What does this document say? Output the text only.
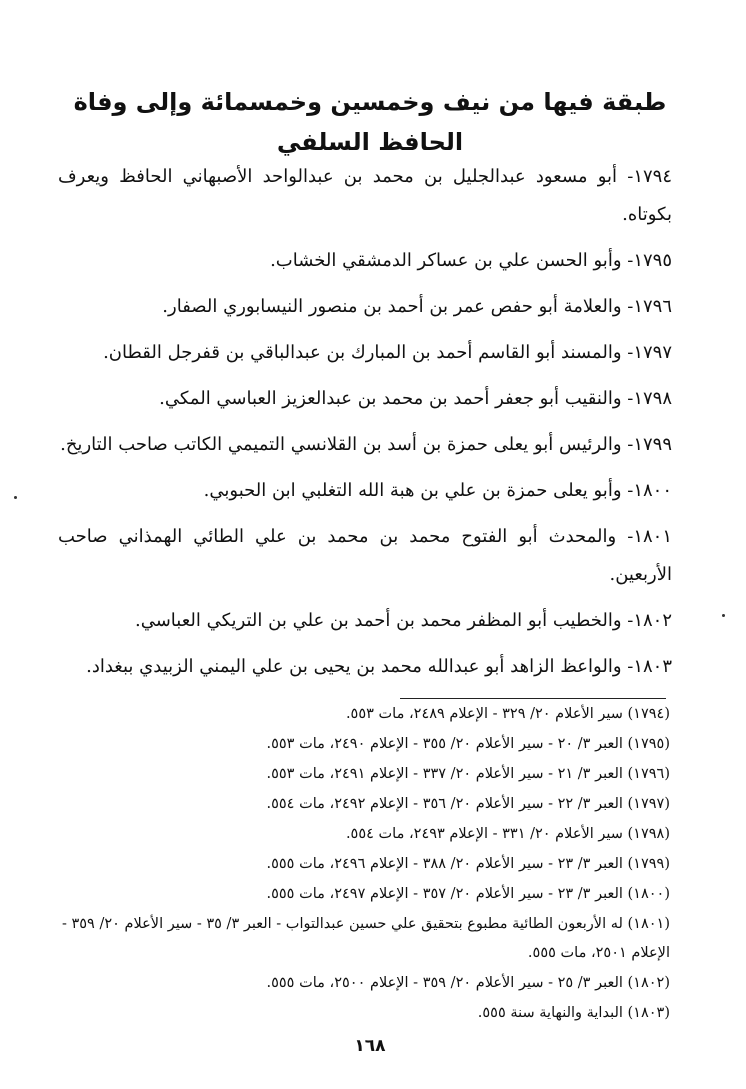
طبقة فيها من نيف وخمسين وخمسمائة وإلى وفاة الحافظ السلفي

١٧٩٤- أبو مسعود عبدالجليل بن محمد بن عبدالواحد الأصبهاني الحافظ ويعرف بكوتاه.

١٧٩٥- وأبو الحسن علي بن عساكر الدمشقي الخشاب.

١٧٩٦- والعلامة أبو حفص عمر بن أحمد بن منصور النيسابوري الصفار.

١٧٩٧- والمسند أبو القاسم أحمد بن المبارك بن عبدالباقي بن قفرجل القطان.

١٧٩٨- والنقيب أبو جعفر أحمد بن محمد بن عبدالعزيز العباسي المكي.

١٧٩٩- والرئيس أبو يعلى حمزة بن أسد بن القلانسي التميمي الكاتب صاحب التاريخ.

١٨٠٠- وأبو يعلى حمزة بن علي بن هبة الله التغلبي ابن الحبوبي.

١٨٠١- والمحدث أبو الفتوح محمد بن محمد بن علي الطائي الهمذاني صاحب الأربعين.

١٨٠٢- والخطيب أبو المظفر محمد بن أحمد بن علي بن التريكي العباسي.

١٨٠٣- والواعظ الزاهد أبو عبدالله محمد بن يحيى بن علي اليمني الزبيدي ببغداد.

(١٧٩٤) سير الأعلام ٢٠/ ٣٢٩ - الإعلام ٢٤٨٩، مات ٥٥٣.

(١٧٩٥) العبر ٣/ ٢٠ - سير الأعلام ٢٠/ ٣٥٥ - الإعلام ٢٤٩٠، مات ٥٥٣.

(١٧٩٦) العبر ٣/ ٢١ - سير الأعلام ٢٠/ ٣٣٧ - الإعلام ٢٤٩١، مات ٥٥٣.

(١٧٩٧) العبر ٣/ ٢٢ - سير الأعلام ٢٠/ ٣٥٦ - الإعلام ٢٤٩٢، مات ٥٥٤.

(١٧٩٨) سير الأعلام ٢٠/ ٣٣١ - الإعلام ٢٤٩٣، مات ٥٥٤.

(١٧٩٩) العبر ٣/ ٢٣ - سير الأعلام ٢٠/ ٣٨٨ - الإعلام ٢٤٩٦، مات ٥٥٥.

(١٨٠٠) العبر ٣/ ٢٣ - سير الأعلام ٢٠/ ٣٥٧ - الإعلام ٢٤٩٧، مات ٥٥٥.

(١٨٠١) له الأربعون الطائية مطبوع بتحقيق علي حسين عبدالتواب - العبر ٣/ ٣٥ - سير الأعلام ٢٠/ ٣٥٩ - الإعلام ٢٥٠١، مات ٥٥٥.

(١٨٠٢) العبر ٣/ ٢٥ - سير الأعلام ٢٠/ ٣٥٩ - الإعلام ٢٥٠٠، مات ٥٥٥.

(١٨٠٣) البداية والنهاية سنة ٥٥٥.

١٦٨
